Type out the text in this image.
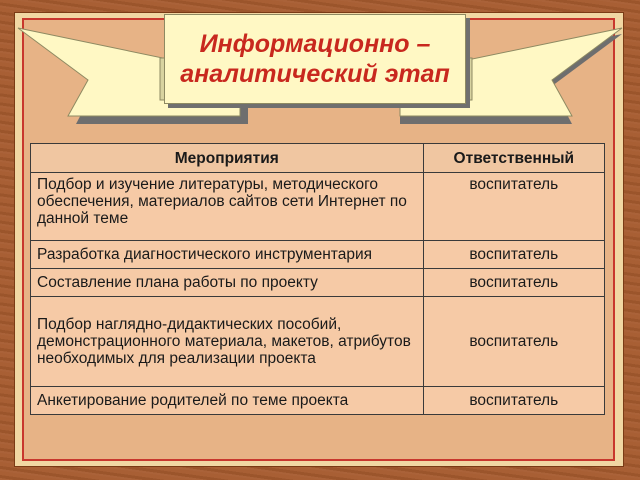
Информационно –
аналитический этап
Мероприятия	Ответственный
Подбор и изучение литературы, методического обеспечения, материалов сайтов сети Интернет по данной теме	воспитатель
Разработка диагностического инструментария	воспитатель
Составление плана работы по проекту	воспитатель
Подбор наглядно-дидактических пособий, демонстрационного материала, макетов, атрибутов необходимых для реализации проекта	воспитатель
Анкетирование родителей по теме проекта	воспитатель
